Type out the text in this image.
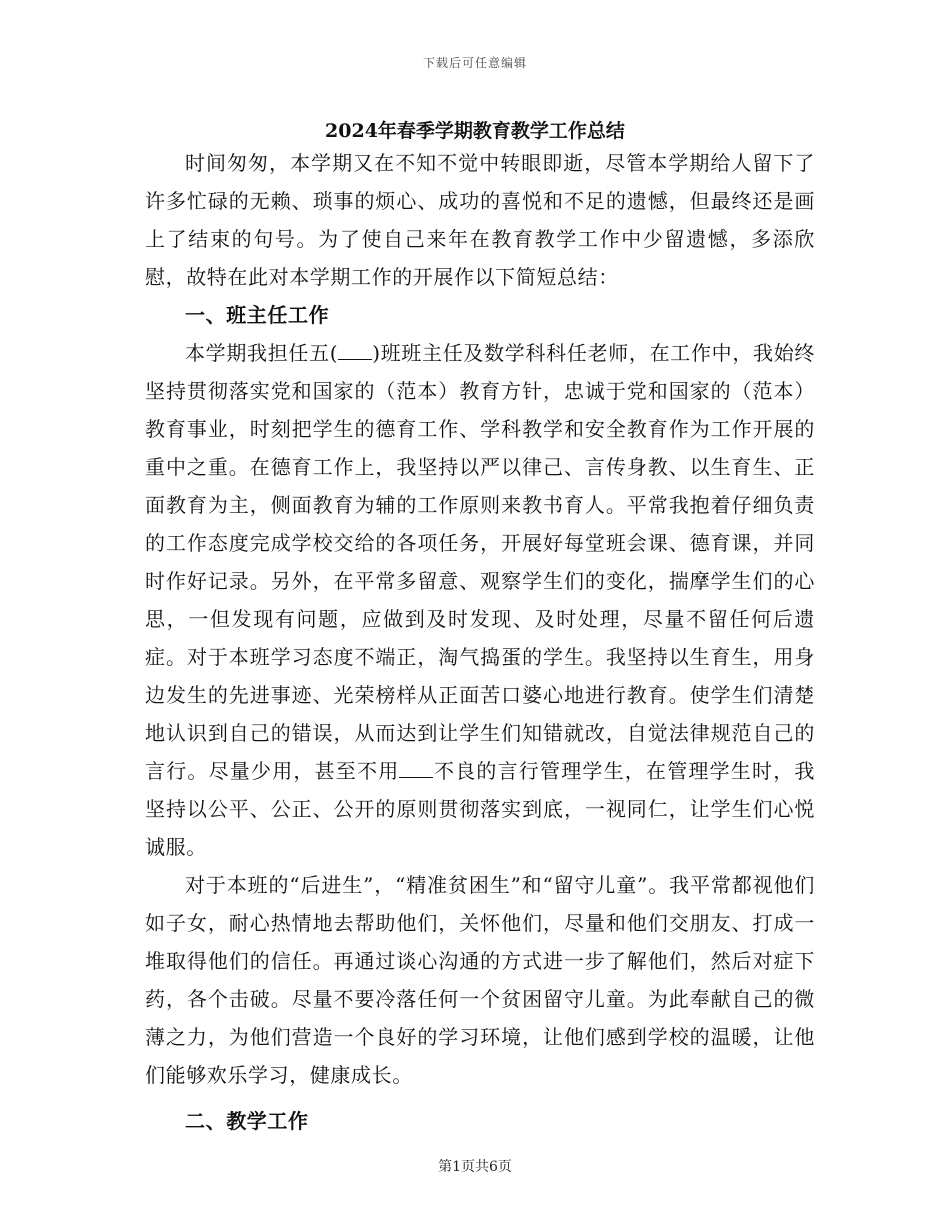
下载后可任意编辑
2024年春季学期教育教学工作总结

时间匆匆，本学期又在不知不觉中转眼即逝，尽管本学期给人留下了许多忙碌的无赖、琐事的烦心、成功的喜悦和不足的遗憾，但最终还是画上了结束的句号。为了使自己来年在教育教学工作中少留遗憾，多添欣慰，故特在此对本学期工作的开展作以下简短总结：

一、班主任工作

本学期我担任五( )班班主任及数学科科任老师，在工作中，我始终坚持贯彻落实党和国家的（范本）教育方针，忠诚于党和国家的（范本）教育事业，时刻把学生的德育工作、学科教学和安全教育作为工作开展的重中之重。在德育工作上，我坚持以严以律己、言传身教、以生育生、正面教育为主，侧面教育为辅的工作原则来教书育人。平常我抱着仔细负责的工作态度完成学校交给的各项任务，开展好每堂班会课、德育课，并同时作好记录。另外，在平常多留意、观察学生们的变化，揣摩学生们的心思，一但发现有问题，应做到及时发现、及时处理，尽量不留任何后遗症。对于本班学习态度不端正，淘气捣蛋的学生。我坚持以生育生，用身边发生的先进事迹、光荣榜样从正面苦口婆心地进行教育。使学生们清楚地认识到自己的错误，从而达到让学生们知错就改，自觉法律规范自己的言行。尽量少用，甚至不用 不良的言行管理学生，在管理学生时，我坚持以公平、公正、公开的原则贯彻落实到底，一视同仁，让学生们心悦诚服。

对于本班的“后进生”，“精准贫困生”和“留守儿童”。我平常都视他们如子女，耐心热情地去帮助他们，关怀他们，尽量和他们交朋友、打成一堆取得他们的信任。再通过谈心沟通的方式进一步了解他们，然后对症下药，各个击破。尽量不要冷落任何一个贫困留守儿童。为此奉献自己的微薄之力，为他们营造一个良好的学习环境，让他们感到学校的温暖，让他们能够欢乐学习，健康成长。

二、教学工作

第1页共6页
